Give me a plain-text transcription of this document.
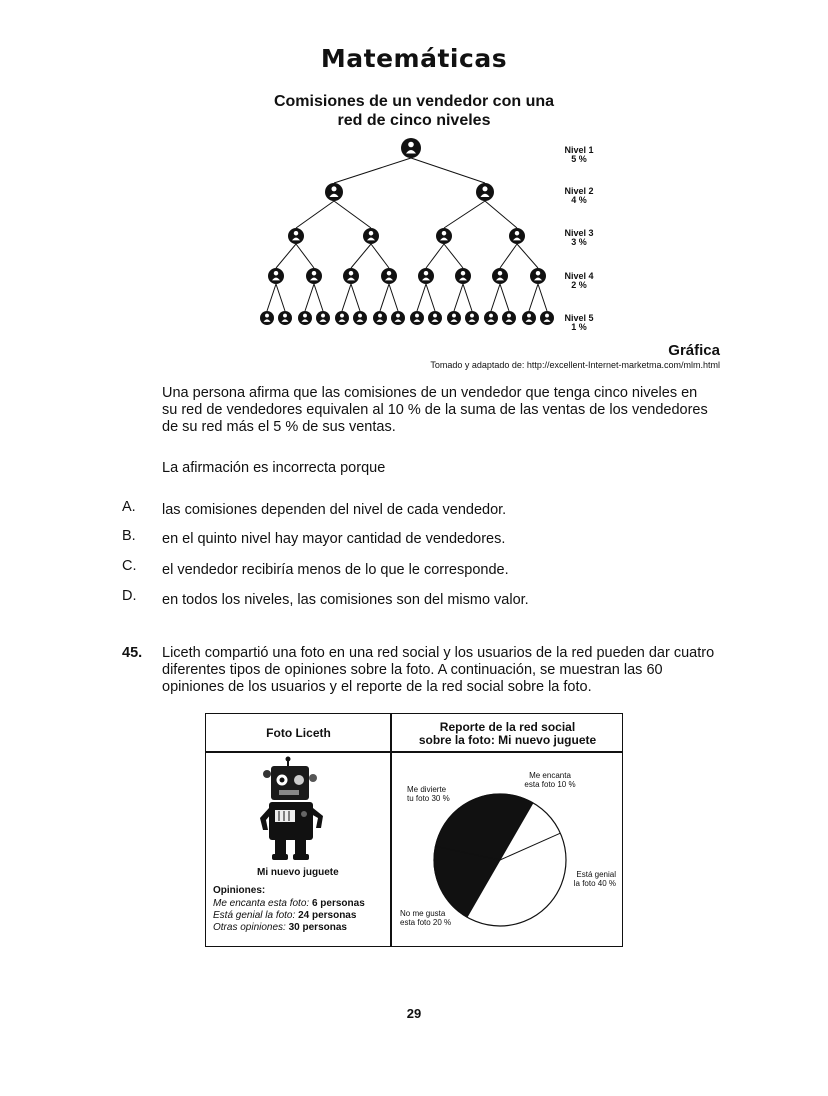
Matemáticas
Comisiones de un vendedor con una
red de cinco niveles
Nivel 1
5 %
Nivel 2
4 %
Nivel 3
3 %
Nivel 4
2 %
Nivel 5
1 %
Gráfica
Tomado y adaptado de: http://excellent-Internet-marketma.com/mlm.html
Una persona afirma que las comisiones de un vendedor que tenga cinco niveles en
su red de vendedores equivalen al 10 % de la suma de las ventas de los vendedores
de su red más el 5 % de sus ventas.
La afirmación es incorrecta porque
A. las comisiones dependen del nivel de cada vendedor.
B. en el quinto nivel hay mayor cantidad de vendedores.
C. el vendedor recibiría menos de lo que le corresponde.
D. en todos los niveles, las comisiones son del mismo valor.
45. Liceth compartió una foto en una red social y los usuarios de la red pueden dar cuatro
diferentes tipos de opiniones sobre la foto. A continuación, se muestran las 60
opiniones de los usuarios y el reporte de la red social sobre la foto.
Foto Liceth	Reporte de la red social
sobre la foto: Mi nuevo juguete
Mi nuevo juguete
Opiniones:
Me encanta esta foto: 6 personas
Está genial la foto: 24 personas
Otras opiniones: 30 personas
Me encanta
esta foto 10 %
Está genial
la foto 40 %
No me gusta
esta foto 20 %
Me divierte
tu foto 30 %
29
